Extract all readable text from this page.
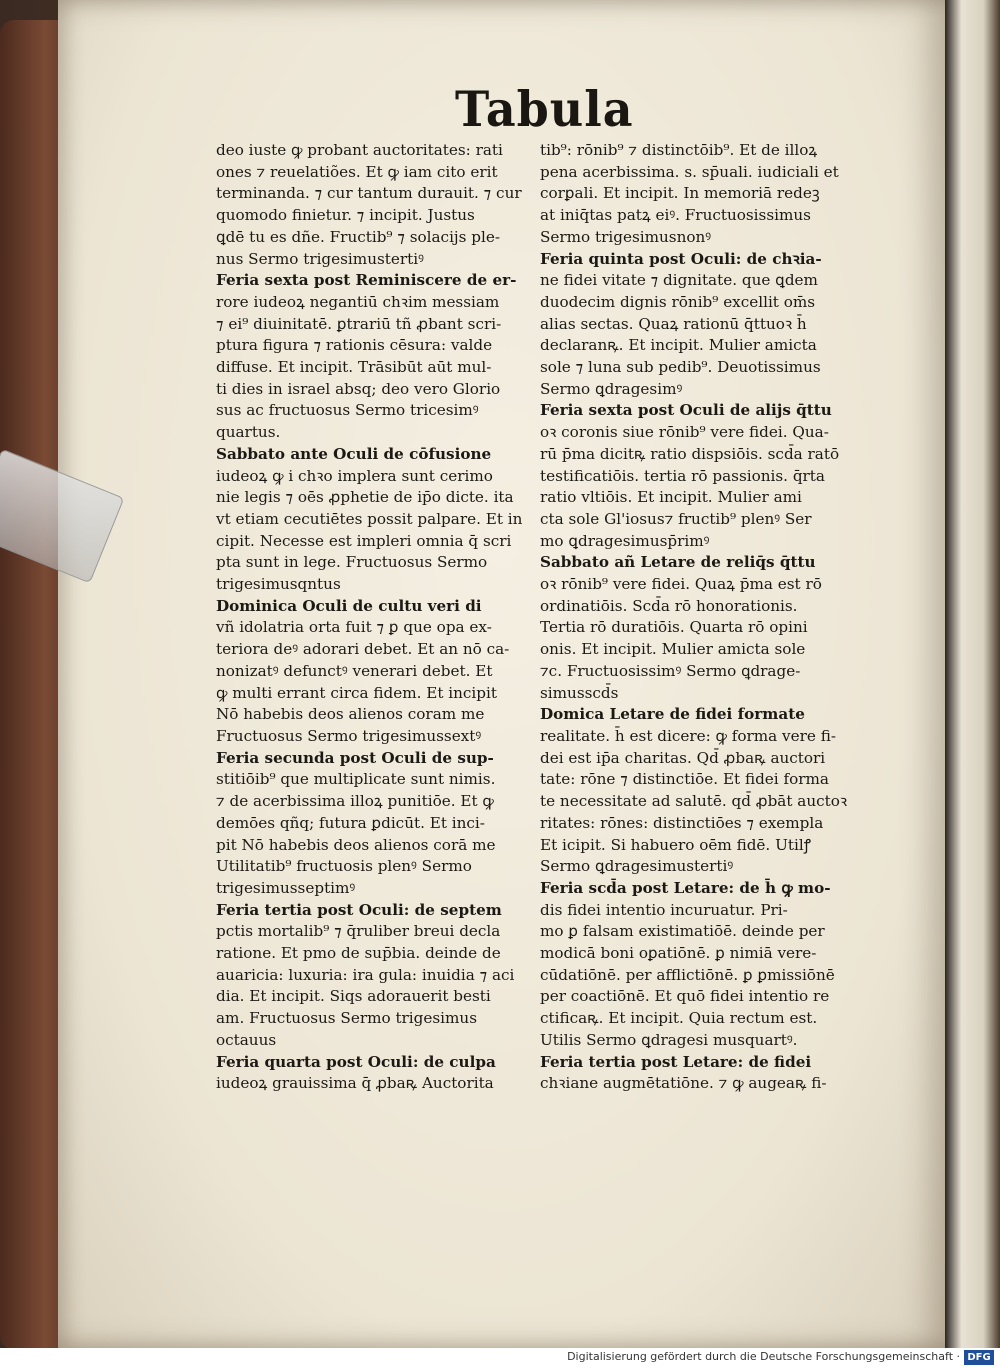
Tabula
deo iuste ꝙ probant auctoritates: rati
ones ⁊ reuelatiões. Et ꝙ iam cito erit
terminanda. ⁊ cur tantum durauit. ⁊ cur
quomodo finietur. ⁊ incipit. Justus
ꝗdē tu es dñe. Fructib⁹ ⁊ solacijs ple-
nus Sermo trigesimustertiꝰ
Feria sexta post Reminiscere de er-
rore iudeoꝝ negantiū chꝛim messiam
⁊ ei⁹ diuinitatē. ꝑtrariū tñ ꝓbant scri-
ptura figura ⁊ rationis cēsura: valde
diffuse. Et incipit. Trāsibūt aūt mul-
ti dies in israel absq; deo vero Glorio
sus ac fructuosus Sermo tricesimꝰ
quartus.
Sabbato ante Oculi de cōfusione
iudeoꝝ ꝙ i chꝛo implera sunt cerimo
nie legis ⁊ oēs ꝓphetie de ip̄o dicte. ita
vt etiam cecutiētes possit palpare. Et in
cipit. Necesse est impleri omnia q̄ scri
pta sunt in lege. Fructuosus Sermo
trigesimusqntus
Dominica Oculi de cultu veri di
vñ idolatria orta fuit ⁊ ꝑ que opa ex-
teriora deꝰ adorari debet. Et an nō ca-
nonizatꝰ defunctꝰ venerari debet. Et
ꝙ multi errant circa fidem. Et incipit
Nō habebis deos alienos coram me
Fructuosus Sermo trigesimussextꝰ
Feria secunda post Oculi de sup-
stitiōib⁹ que multiplicate sunt nimis.
⁊ de acerbissima illoꝝ punitiōe. Et ꝙ
demōes qñq; futura ꝑdicūt. Et inci-
pit Nō habebis deos alienos corā me
Utilitatib⁹ fructuosis plenꝰ Sermo
trigesimusseptimꝰ
Feria tertia post Oculi: de septem
pctis mortalib⁹ ⁊ q̄ruliber breui decla
ratione. Et pmo de sup̄bia. deinde de
auaricia: luxuria: ira gula: inuidia ⁊ aci
dia. Et incipit. Siqs adorauerit besti
am. Fructuosus Sermo trigesimus
octauus
Feria quarta post Oculi: de culpa
iudeoꝝ grauissima q̄ ꝓbaꝶ Auctorita
tib⁹: rōnib⁹ ⁊ distinctōib⁹. Et de illoꝝ
pena acerbissima. s. sp̄uali. iudiciali et
corꝑali. Et incipit. In memoriā redeꝫ
at iniq̄tas patꝝ eiꝰ. Fructuosissimus
Sermo trigesimusnonꝰ
Feria quinta post Oculi: de chꝛia-
ne fidei vitate ⁊ dignitate. que ꝗdem
duodecim dignis rōnib⁹ excellit om̄s
alias sectas. Quaꝝ rationū q̄ttuoꝛ h̄
declaranꝶ. Et incipit. Mulier amicta
sole ⁊ luna sub pedib⁹. Deuotissimus
Sermo ꝗdragesimꝰ
Feria sexta post Oculi de alijs q̄ttu
oꝛ coronis siue rōnib⁹ vere fidei. Qua-
rū p̄ma dicitꝶ ratio dispsiōis. scd̄a ratō
testificatiōis. tertia rō passionis. q̄rta
ratio vltiōis. Et incipit. Mulier ami
cta sole Gl'iosus⁊ fructib⁹ plenꝰ Ser
mo ꝗdragesimusp̄rimꝰ
Sabbato añ Letare de reliq̄s q̄ttu
oꝛ rōnib⁹ vere fidei. Quaꝝ p̄ma est rō
ordinatiōis. Scd̄a rō honorationis.
Tertia rō duratiōis. Quarta rō opini
onis. Et incipit. Mulier amicta sole
⁊c. Fructuosissimꝰ Sermo ꝗdrage-
simusscd̄s
Domica Letare de fidei formate
realitate. h̄ est dicere: ꝙ forma vere fi-
dei est ip̄a charitas. Qd̄ ꝓbaꝶ auctori
tate: rōne ⁊ distinctiōe. Et fidei forma
te necessitate ad salutē. qd̄ ꝓbāt auctoꝛ
ritates: rōnes: distinctiōes ⁊ exempla
Et icipit. Si habuero oēm fidē. Utilꝭ
Sermo ꝗdragesimustertiꝰ
Feria scd̄a post Letare: de h̄ ꝙ mo-
dis fidei intentio incuruatur. Pri-
mo ꝑ falsam existimatiōē. deinde per
modicā boni oꝑatiōnē. ꝑ nimiā vere-
cūdatiōnē. per afflictiōnē. ꝑ ꝑmissiōnē
per coactiōnē. Et quō fidei intentio re
ctificaꝶ. Et incipit. Quia rectum est.
Utilis Sermo ꝗdragesi musquartꝰ.
Feria tertia post Letare: de fidei
chꝛiane augmētatiōne. ⁊ ꝙ augeaꝶ fi-
Digitalisierung gefördert durch die Deutsche Forschungsgemeinschaft · DFG
